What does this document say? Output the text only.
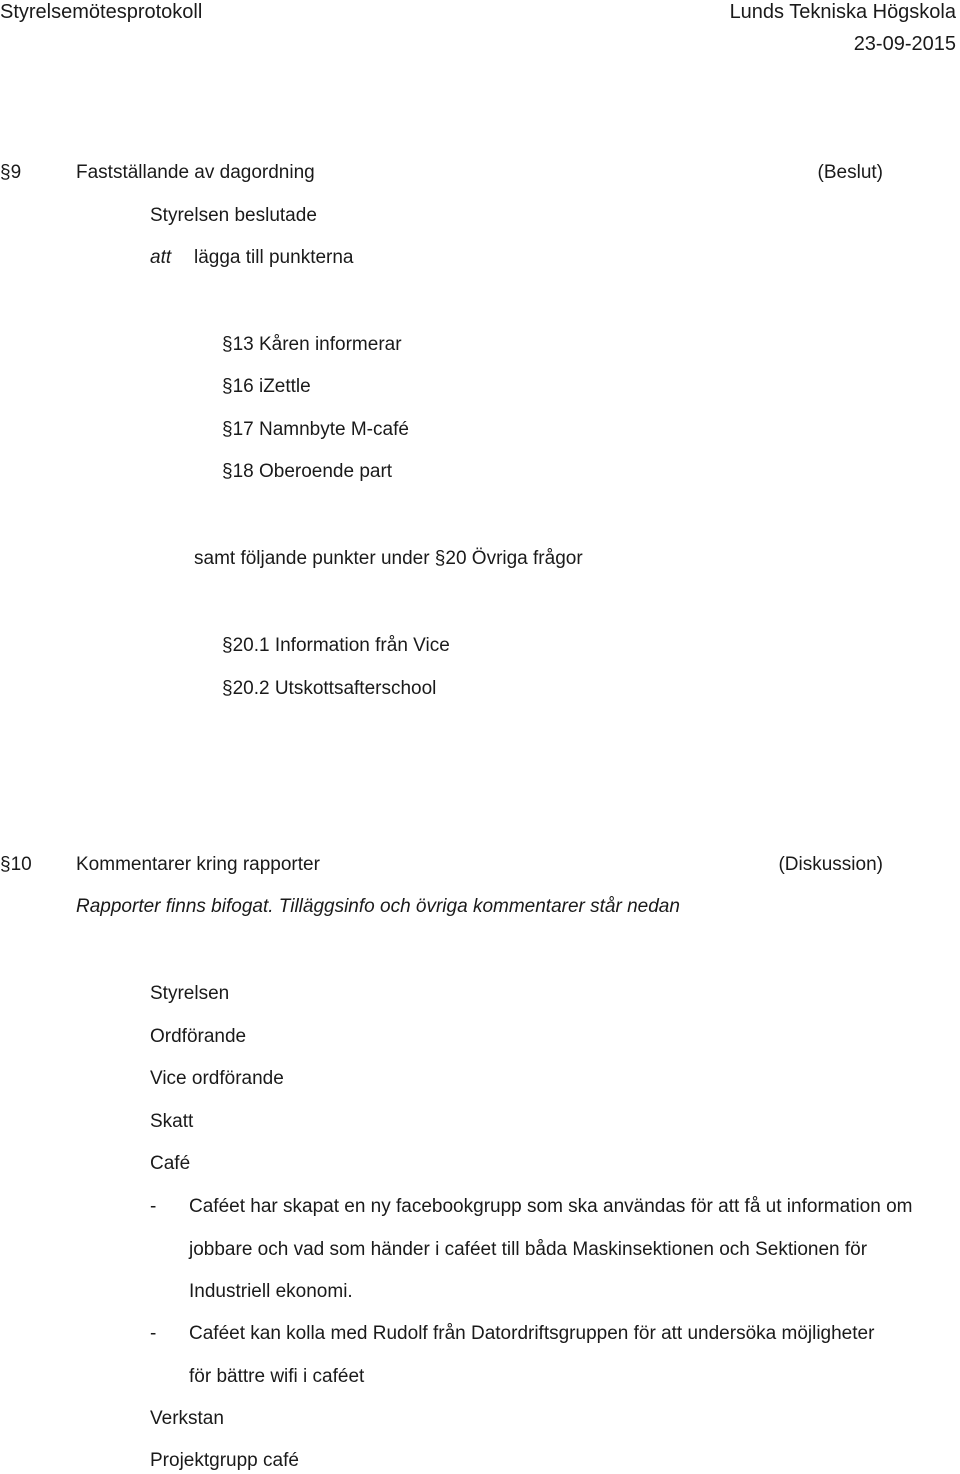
Styrelsemötesprotokoll	Lunds Tekniska Högskola
23-09-2015
§9	Fastställande av dagordning	(Beslut)
Styrelsen beslutade
att lägga till punkterna
§13 Kåren informerar
§16 iZettle
§17 Namnbyte M-café
§18 Oberoende part
samt följande punkter under §20 Övriga frågor
§20.1 Information från Vice
§20.2 Utskottsafterschool
§10 Kommentarer kring rapporter	(Diskussion)
Rapporter finns bifogat. Tilläggsinfo och övriga kommentarer står nedan
Styrelsen
Ordförande
Vice ordförande
Skatt
Café
- Caféet har skapat en ny facebookgrupp som ska användas för att få ut information om jobbare och vad som händer i caféet till båda Maskinsektionen och Sektionen för Industriell ekonomi.
- Caféet kan kolla med Rudolf från Datordriftsgruppen för att undersöka möjligheter för bättre wifi i caféet
Verkstan
Projektgrupp café
